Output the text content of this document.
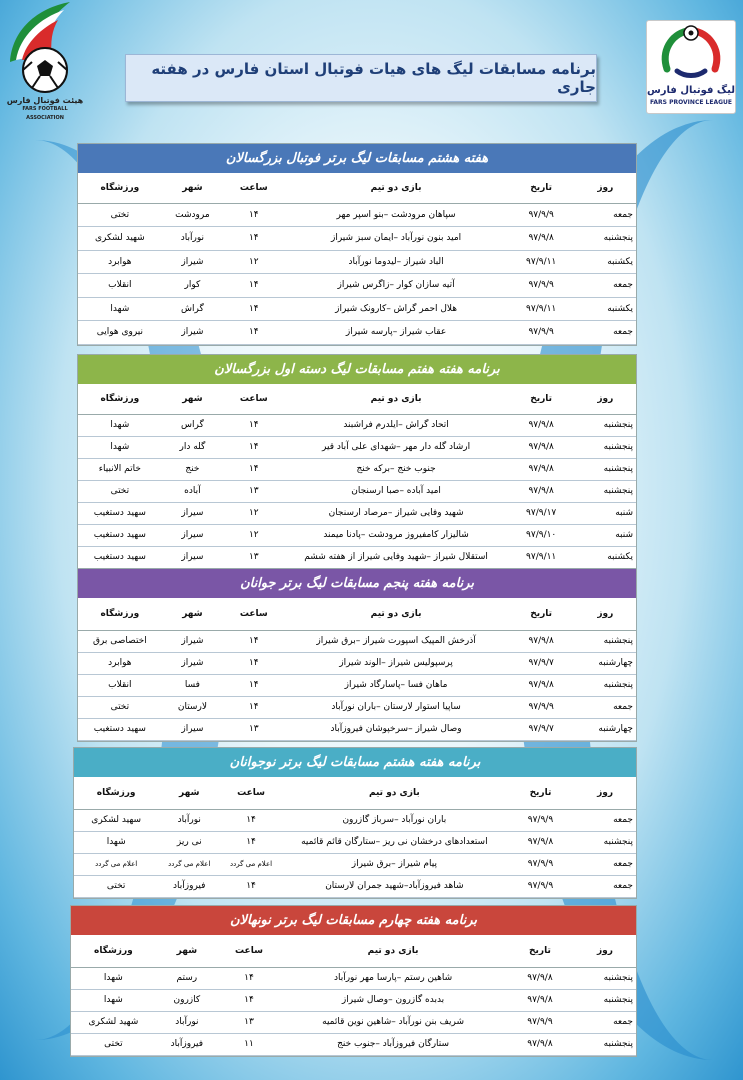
هیئت فوتبال فارس
FARS FOOTBALL ASSOCIATION
لیگ فوتبال فارس
FARS PROVINCE LEAGUE
برنامه مسابقات لیگ های هیات فوتبال استان فارس در هفته جاری
هفته هشتم مسابقات لیگ برتر فوتبال بزرگسالان
روز	تاریخ	بازی دو تیم	ساعت	شهر	ورزشگاه
جمعه	۹۷/۹/۹	سپاهان مرودشت –بنو اسپر مهر	۱۴	مرودشت	تختی
پنجشنبه	۹۷/۹/۸	امید بنون نورآباد –ایمان سبز شیراز	۱۴	نورآباد	شهید لشکری
یکشنبه	۹۷/۹/۱۱	الباد شیراز –لیدوما نورآباد	۱۲	شیراز	هوابرد
جمعه	۹۷/۹/۹	آتیه سازان کوار –زاگرس شیراز	۱۴	کوار	انقلاب
یکشنبه	۹۷/۹/۱۱	هلال احمر گراش –کارونک شیراز	۱۴	گراش	شهدا
جمعه	۹۷/۹/۹	عقاب شیراز –پارسه شیراز	۱۴	شیراز	نیروی هوایی
برنامه هفته هفتم مسابقات لیگ دسته اول بزرگسالان
روز	تاریخ	بازی دو تیم	ساعت	شهر	ورزشگاه
پنجشنبه	۹۷/۹/۸	اتحاد گراش –ایلدرم فراشبند	۱۴	گراس	شهدا
پنجشنبه	۹۷/۹/۸	ارشاد گله دار مهر –شهدای علی آباد قیر	۱۴	گله دار	شهدا
پنجشنبه	۹۷/۹/۸	جنوب خنج –برکه خنج	۱۴	خنج	خاتم الانبیاء
پنجشنبه	۹۷/۹/۸	امید آباده –صبا ارسنجان	۱۳	آباده	تختی
شنبه	۹۷/۹/۱۷	شهید وفایی شیراز –مرصاد ارسنجان	۱۲	سیراز	سهید دستغیب
شنبه	۹۷/۹/۱۰	شالیزار کامفیروز مرودشت –پادنا میمند	۱۲	سیراز	سهید دستغیب
یکشنبه	۹۷/۹/۱۱	استقلال شیراز –شهید وفایی شیراز از هفته ششم	۱۳	سیراز	سهید دستغیب
برنامه هفته پنجم مسابقات لیگ برتر جوانان
روز	تاریخ	بازی دو تیم	ساعت	شهر	ورزشگاه
پنجشنبه	۹۷/۹/۸	آذرخش المپیک اسپورت شیراز –برق شیراز	۱۴	شیراز	اختصاصی برق
چهارشنبه	۹۷/۹/۷	پرسپولیس شیراز –الوند شیراز	۱۴	شیراز	هوابرد
پنجشنبه	۹۷/۹/۸	ماهان فسا –پاسارگاد شیراز	۱۴	فسا	انقلاب
جمعه	۹۷/۹/۹	ساپیا استوار لارستان –باران نورآباد	۱۴	لارستان	تختی
چهارشنبه	۹۷/۹/۷	وصال شیراز –سرخپوشان فیروزآباد	۱۳	سیراز	سهید دستغیب
برنامه هفته هشتم مسابقات لیگ برتر نوجوانان
روز	تاریخ	بازی دو تیم	ساعت	شهر	ورزشگاه
جمعه	۹۷/۹/۹	باران نورآباد –سرباز گازرون	۱۴	نورآباد	سهید لشکری
پنجشنبه	۹۷/۹/۸	استعدادهای درخشان نی ریز –ستارگان قائم قائمیه	۱۴	نی ریز	شهدا
جمعه	۹۷/۹/۹	پیام شیراز –برق شیراز	اعلام می گردد	اعلام می گردد	اعلام می گردد
جمعه	۹۷/۹/۹	شاهد فیروزآباد–شهید جمران لارستان	۱۴	فیروزآباد	تختی
برنامه هفته چهارم مسابقات لیگ برتر نونهالان
روز	تاریخ	بازی دو تیم	ساعت	شهر	ورزشگاه
پنجشنبه	۹۷/۹/۸	شاهین رستم –پارسا مهر نورآباد	۱۴	رستم	شهدا
پنجشنبه	۹۷/۹/۸	بدبده گازرون –وصال شیراز	۱۴	کازرون	شهدا
جمعه	۹۷/۹/۹	شریف بنن نورآباد –شاهین نوین قائمیه	۱۳	نورآباد	شهید لشکری
پنجشنبه	۹۷/۹/۸	ستارگان فیروزآباد –جنوب خنج	۱۱	فیروزآباد	تختی
